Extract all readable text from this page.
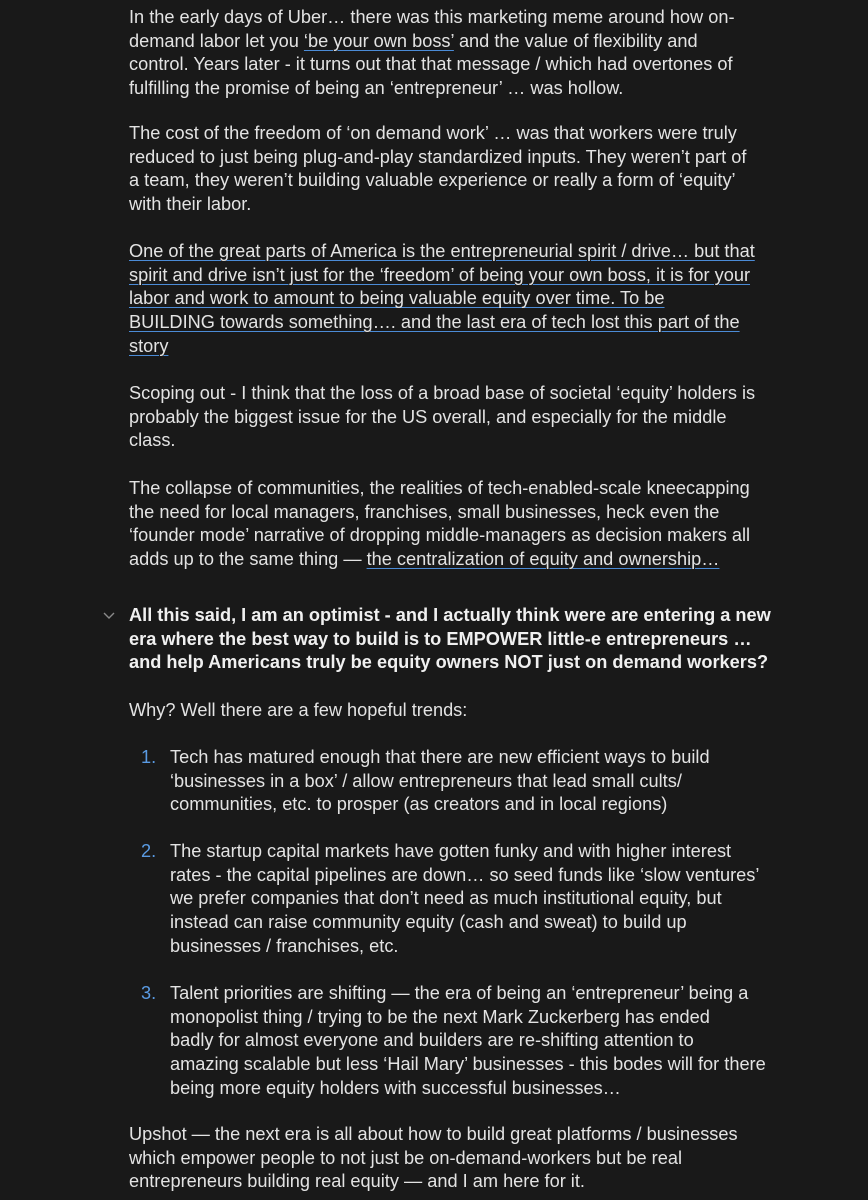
In the early days of Uber… there was this marketing meme around how on-
demand labor let you ‘be your own boss’ and the value of flexibility and
control. Years later - it turns out that that message / which had overtones of
fulfilling the promise of being an ‘entrepreneur’ … was hollow.

The cost of the freedom of ‘on demand work’ … was that workers were truly
reduced to just being plug-and-play standardized inputs. They weren’t part of
a team, they weren’t building valuable experience or really a form of ‘equity’
with their labor.

One of the great parts of America is the entrepreneurial spirit / drive… but that
spirit and drive isn’t just for the ‘freedom’ of being your own boss, it is for your
labor and work to amount to being valuable equity over time. To be
BUILDING towards something…. and the last era of tech lost this part of the
story

Scoping out - I think that the loss of a broad base of societal ‘equity’ holders is
probably the biggest issue for the US overall, and especially for the middle
class.

The collapse of communities, the realities of tech-enabled-scale kneecapping
the need for local managers, franchises, small businesses, heck even the
‘founder mode’ narrative of dropping middle-managers as decision makers all
adds up to the same thing — the centralization of equity and ownership…

All this said, I am an optimist - and I actually think were are entering a new
era where the best way to build is to EMPOWER little-e entrepreneurs …
and help Americans truly be equity owners NOT just on demand workers?

Why? Well there are a few hopeful trends:

1. Tech has matured enough that there are new efficient ways to build
‘businesses in a box’ / allow entrepreneurs that lead small cults/
communities, etc. to prosper (as creators and in local regions)
2. The startup capital markets have gotten funky and with higher interest
rates - the capital pipelines are down… so seed funds like ‘slow ventures’
we prefer companies that don’t need as much institutional equity, but
instead can raise community equity (cash and sweat) to build up
businesses / franchises, etc.
3. Talent priorities are shifting — the era of being an ‘entrepreneur’ being a
monopolist thing / trying to be the next Mark Zuckerberg has ended
badly for almost everyone and builders are re-shifting attention to
amazing scalable but less ‘Hail Mary’ businesses - this bodes will for there
being more equity holders with successful businesses…

Upshot — the next era is all about how to build great platforms / businesses
which empower people to not just be on-demand-workers but be real
entrepreneurs building real equity — and I am here for it.
